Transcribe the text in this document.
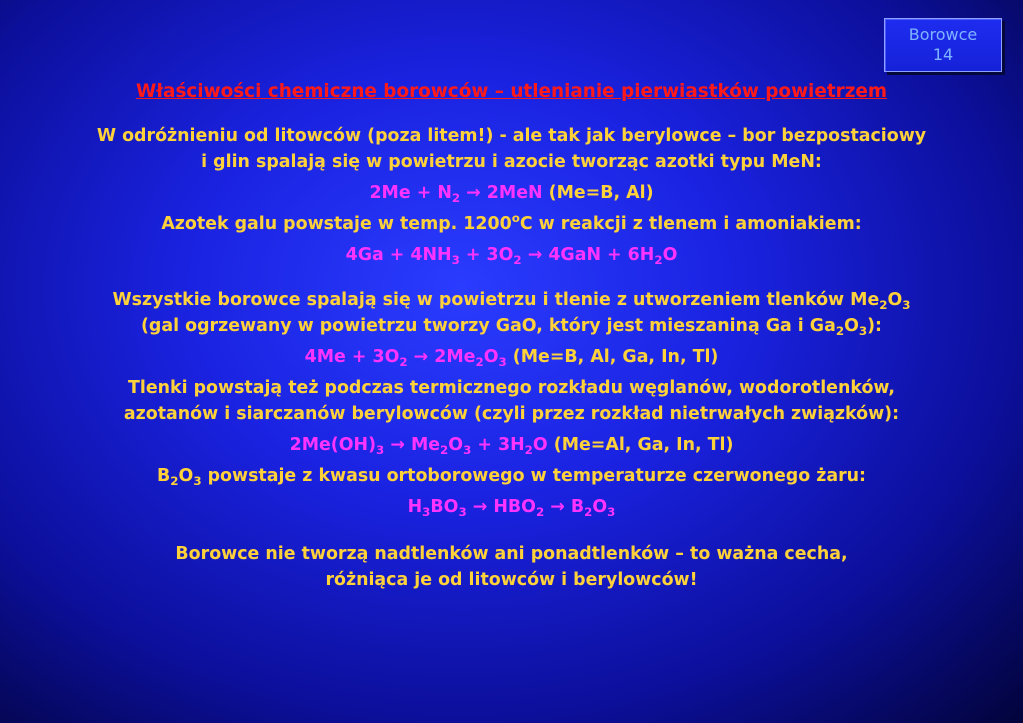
Borowce
14
Właściwości chemiczne borowców – utlenianie pierwiastków powietrzem
W odróżnieniu od litowców (poza litem!) - ale tak jak berylowce – bor bezpostaciowy
i glin spalają się w powietrzu i azocie tworząc azotki typu MeN:
$2Me + N_2 \to 2MeN$ (Me=B, Al)
Azotek galu powstaje w temp. 1200$^o$C w reakcji z tlenem i amoniakiem:
$4Ga + 4NH_3 + 3O_2 \to 4GaN + 6H_2O$
Wszystkie borowce spalają się w powietrzu i tlenie z utworzeniem tlenków $Me_2O_3$
(gal ogrzewany w powietrzu tworzy GaO, który jest mieszaniną Ga i $Ga_2O_3$):
$4Me + 3O_2 \to 2Me_2O_3$ (Me=B, Al, Ga, In, Tl)
Tlenki powstają też podczas termicznego rozkładu węglanów, wodorotlenków,
azotanów i siarczanów berylowców (czyli przez rozkład nietrwałych związków):
$2Me(OH)_3 \to Me_2O_3 + 3H_2O$ (Me=Al, Ga, In, Tl)
$B_2O_3$ powstaje z kwasu ortoborowego w temperaturze czerwonego żaru:
$H_3BO_3 \to HBO_2 \to B_2O_3$
Borowce nie tworzą nadtlenków ani ponadtlenków – to ważna cecha,
różniąca je od litowców i berylowców!
